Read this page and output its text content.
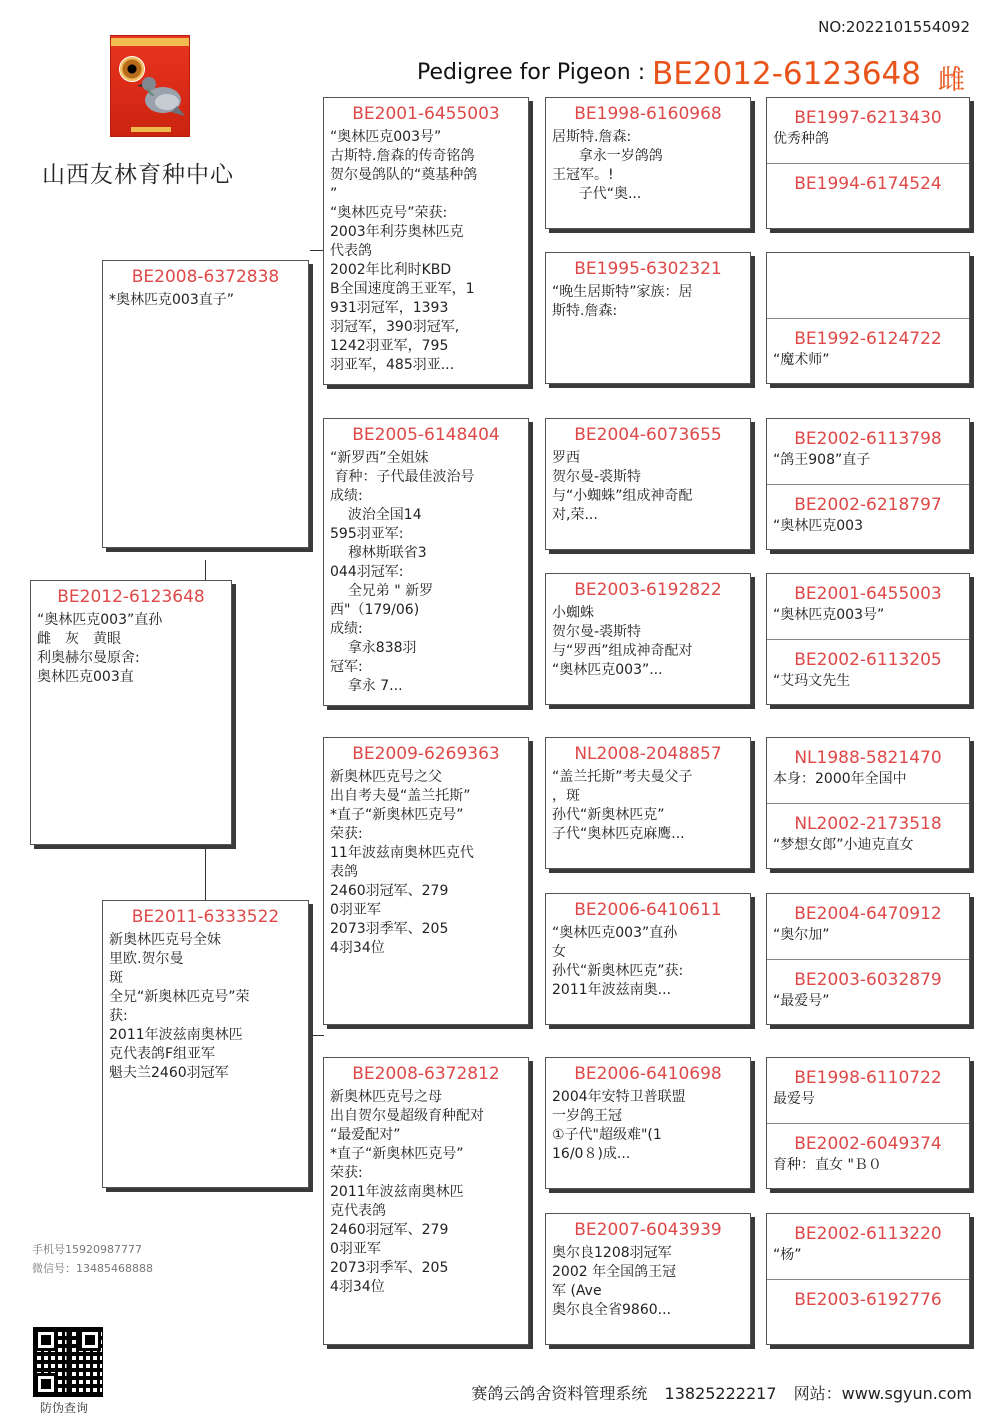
NO:2022101554092
山西友林育种中心
Pedigree for Pigeon : BE2012-6123648 雌
BE2012-6123648
“奥林匹克003”直孙
雌　灰　黄眼
利奥赫尔曼原舍:
奥林匹克003直
BE2008-6372838
*奥林匹克003直子”
BE2011-6333522
新奥林匹克号全妹
里欧.贺尔曼
斑
全兄“新奥林匹克号”荣
获:
2011年波兹南奥林匹
克代表鸽F组亚军
魁夫兰2460羽冠军
BE2001-6455003
“奥林匹克003号”
古斯特.詹森的传奇铭鸽
贺尔曼鸽队的“奠基种鸽
”
“奥林匹克号”荣获:
2003年利芬奥林匹克
代表鸽
2002年比利时KBD
B全国速度鸽王亚军，1
931羽冠军，1393
羽冠军，390羽冠军,
1242羽亚军，795
羽亚军，485羽亚...
BE2005-6148404
“新罗西”全姐妹
育种：子代最佳波治号
成绩:
波治全国14
595羽亚军:
穆林斯联省3
044羽冠军:
全兄弟 " 新罗
西"（179/06)
成绩:
拿永838羽
冠军:
拿永 7...
BE2009-6269363
新奥林匹克号之父
出自考夫曼“盖兰托斯”
*直子“新奥林匹克号”
荣获:
11年波兹南奥林匹克代
表鸽
2460羽冠军、279
0羽亚军
2073羽季军、205
4羽34位
BE2008-6372812
新奥林匹克号之母
出自贺尔曼超级育种配对
“最爱配对”
*直子“新奥林匹克号”
荣获:
2011年波兹南奥林匹
克代表鸽
2460羽冠军、279
0羽亚军
2073羽季军、205
4羽34位
BE1998-6160968
居斯特.詹森:
拿永一岁鸽鸽
王冠军。!
子代“奥...
BE1995-6302321
“晚生居斯特”家族：居
斯特.詹森:
BE2004-6073655
罗西
贺尔曼-裘斯特
与“小蜘蛛”组成神奇配
对,荣...
BE2003-6192822
小蜘蛛
贺尔曼-裘斯特
与“罗西”组成神奇配对
“奥林匹克003”...
NL2008-2048857
“盖兰托斯”考夫曼父子
，斑
孙代“新奥林匹克”
子代“奥林匹克麻鹰...
BE2006-6410611
“奥林匹克003”直孙
女
孙代“新奥林匹克”获:
2011年波兹南奥...
BE2006-6410698
2004年安特卫普联盟
一岁鸽王冠
①子代"超级难"(1
16/0８)成...
BE2007-6043939
奥尔良1208羽冠军
2002 年全国鸽王冠
军 (Ave
奥尔良全省9860...
BE1997-6213430
优秀种鸽
BE1994-6174524
BE1992-6124722
“魔术师”
BE2002-6113798
“鸽王908”直子
BE2002-6218797
“奥林匹克003
BE2001-6455003
“奥林匹克003号”
BE2002-6113205
“艾玛文先生
NL1988-5821470
本身：2000年全国中
NL2002-2173518
“梦想女郎”小迪克直女
BE2004-6470912
“奥尔加”
BE2003-6032879
“最爱号”
BE1998-6110722
最爱号
BE2002-6049374
育种：直女 "Ｂ０
BE2002-6113220
“杨”
BE2003-6192776
手机号15920987777
微信号：13485468888
防伪查询
赛鸽云鸽舍资料管理系统 13825222217 网站：www.sgyun.com
